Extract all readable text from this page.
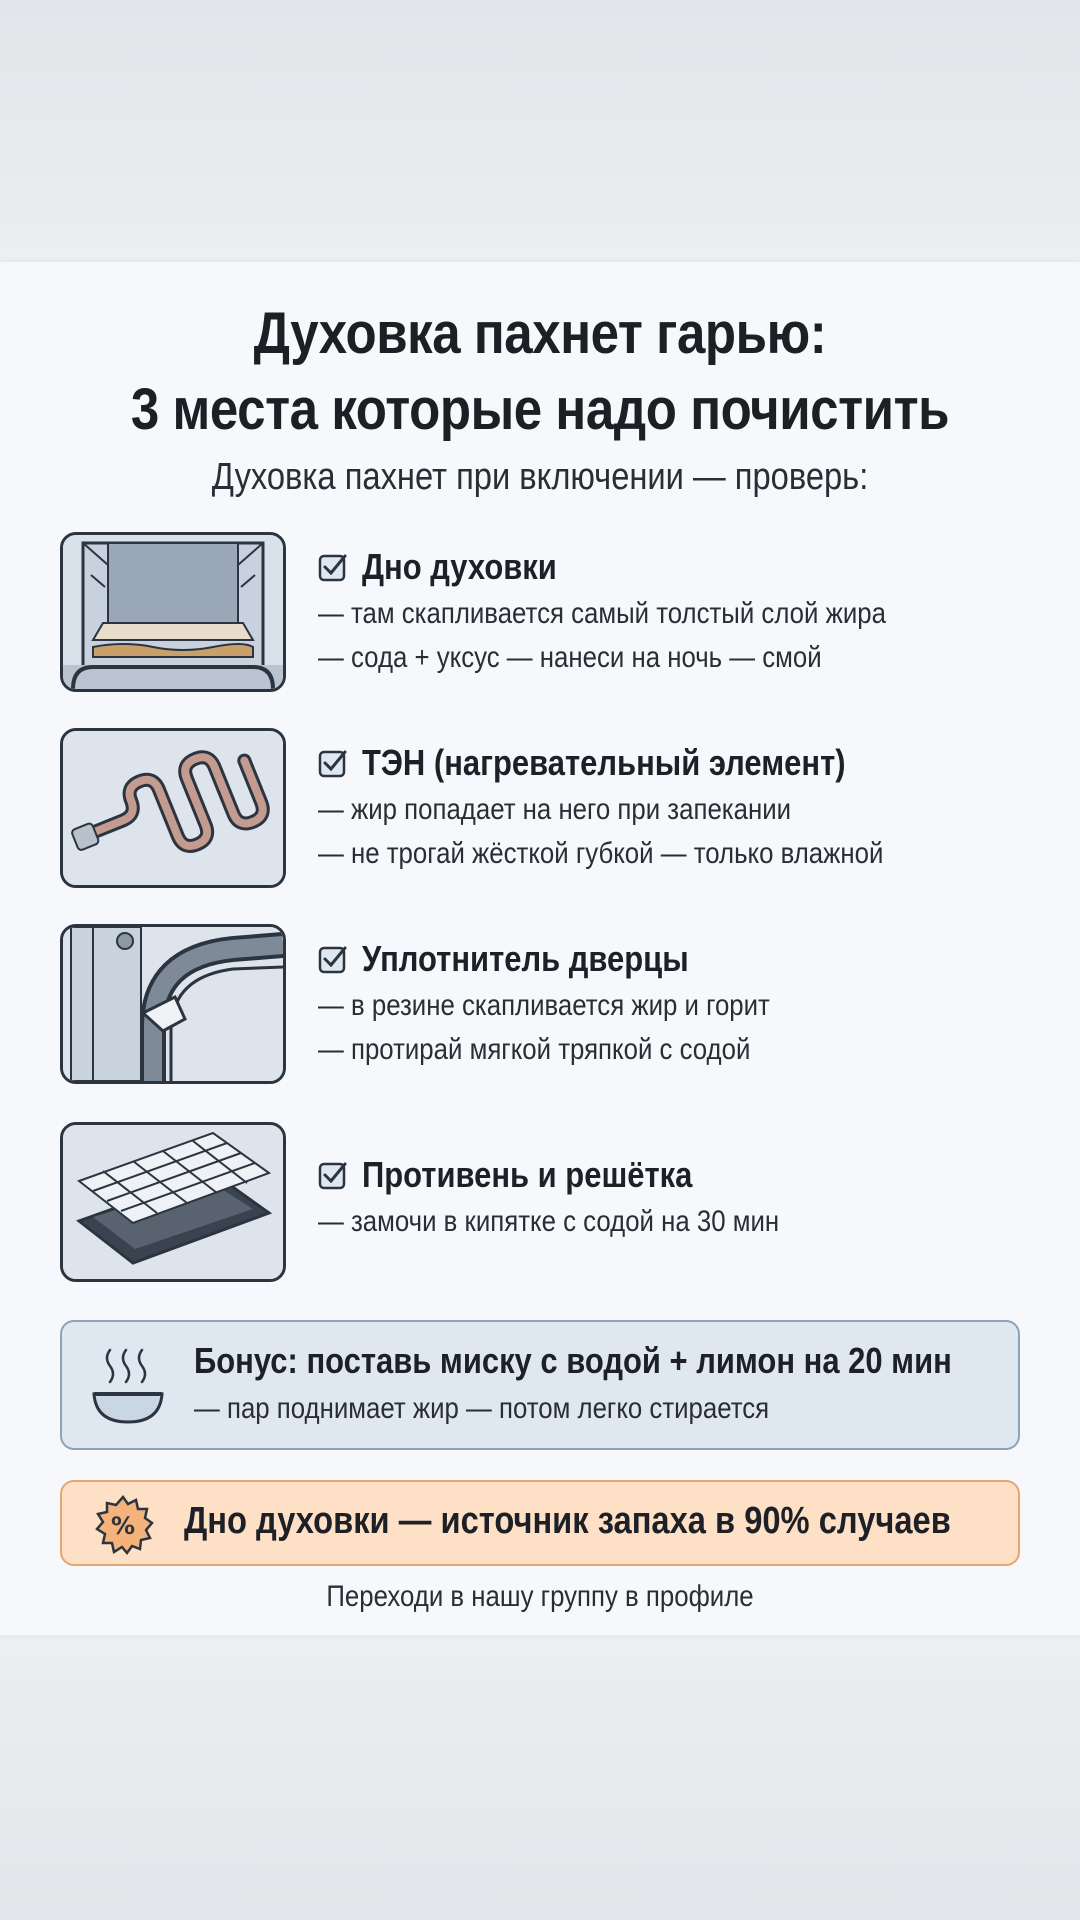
Духовка пахнет гарью:
3 места которые надо почистить
Духовка пахнет при включении — проверь:
Дно духовки
— там скапливается самый толстый слой жира
— сода + уксус — нанеси на ночь — смой
ТЭН (нагревательный элемент)
— жир попадает на него при запекании
— не трогай жёсткой губкой — только влажной
Уплотнитель дверцы
— в резине скапливается жир и горит
— протирай мягкой тряпкой с содой
Противень и решётка
— замочи в кипятке с содой на 30 мин
Бонус: поставь миску с водой + лимон на 20 мин
— пар поднимает жир — потом легко стирается
% Дно духовки — источник запаха в 90% случаев
Переходи в нашу группу в профиле
